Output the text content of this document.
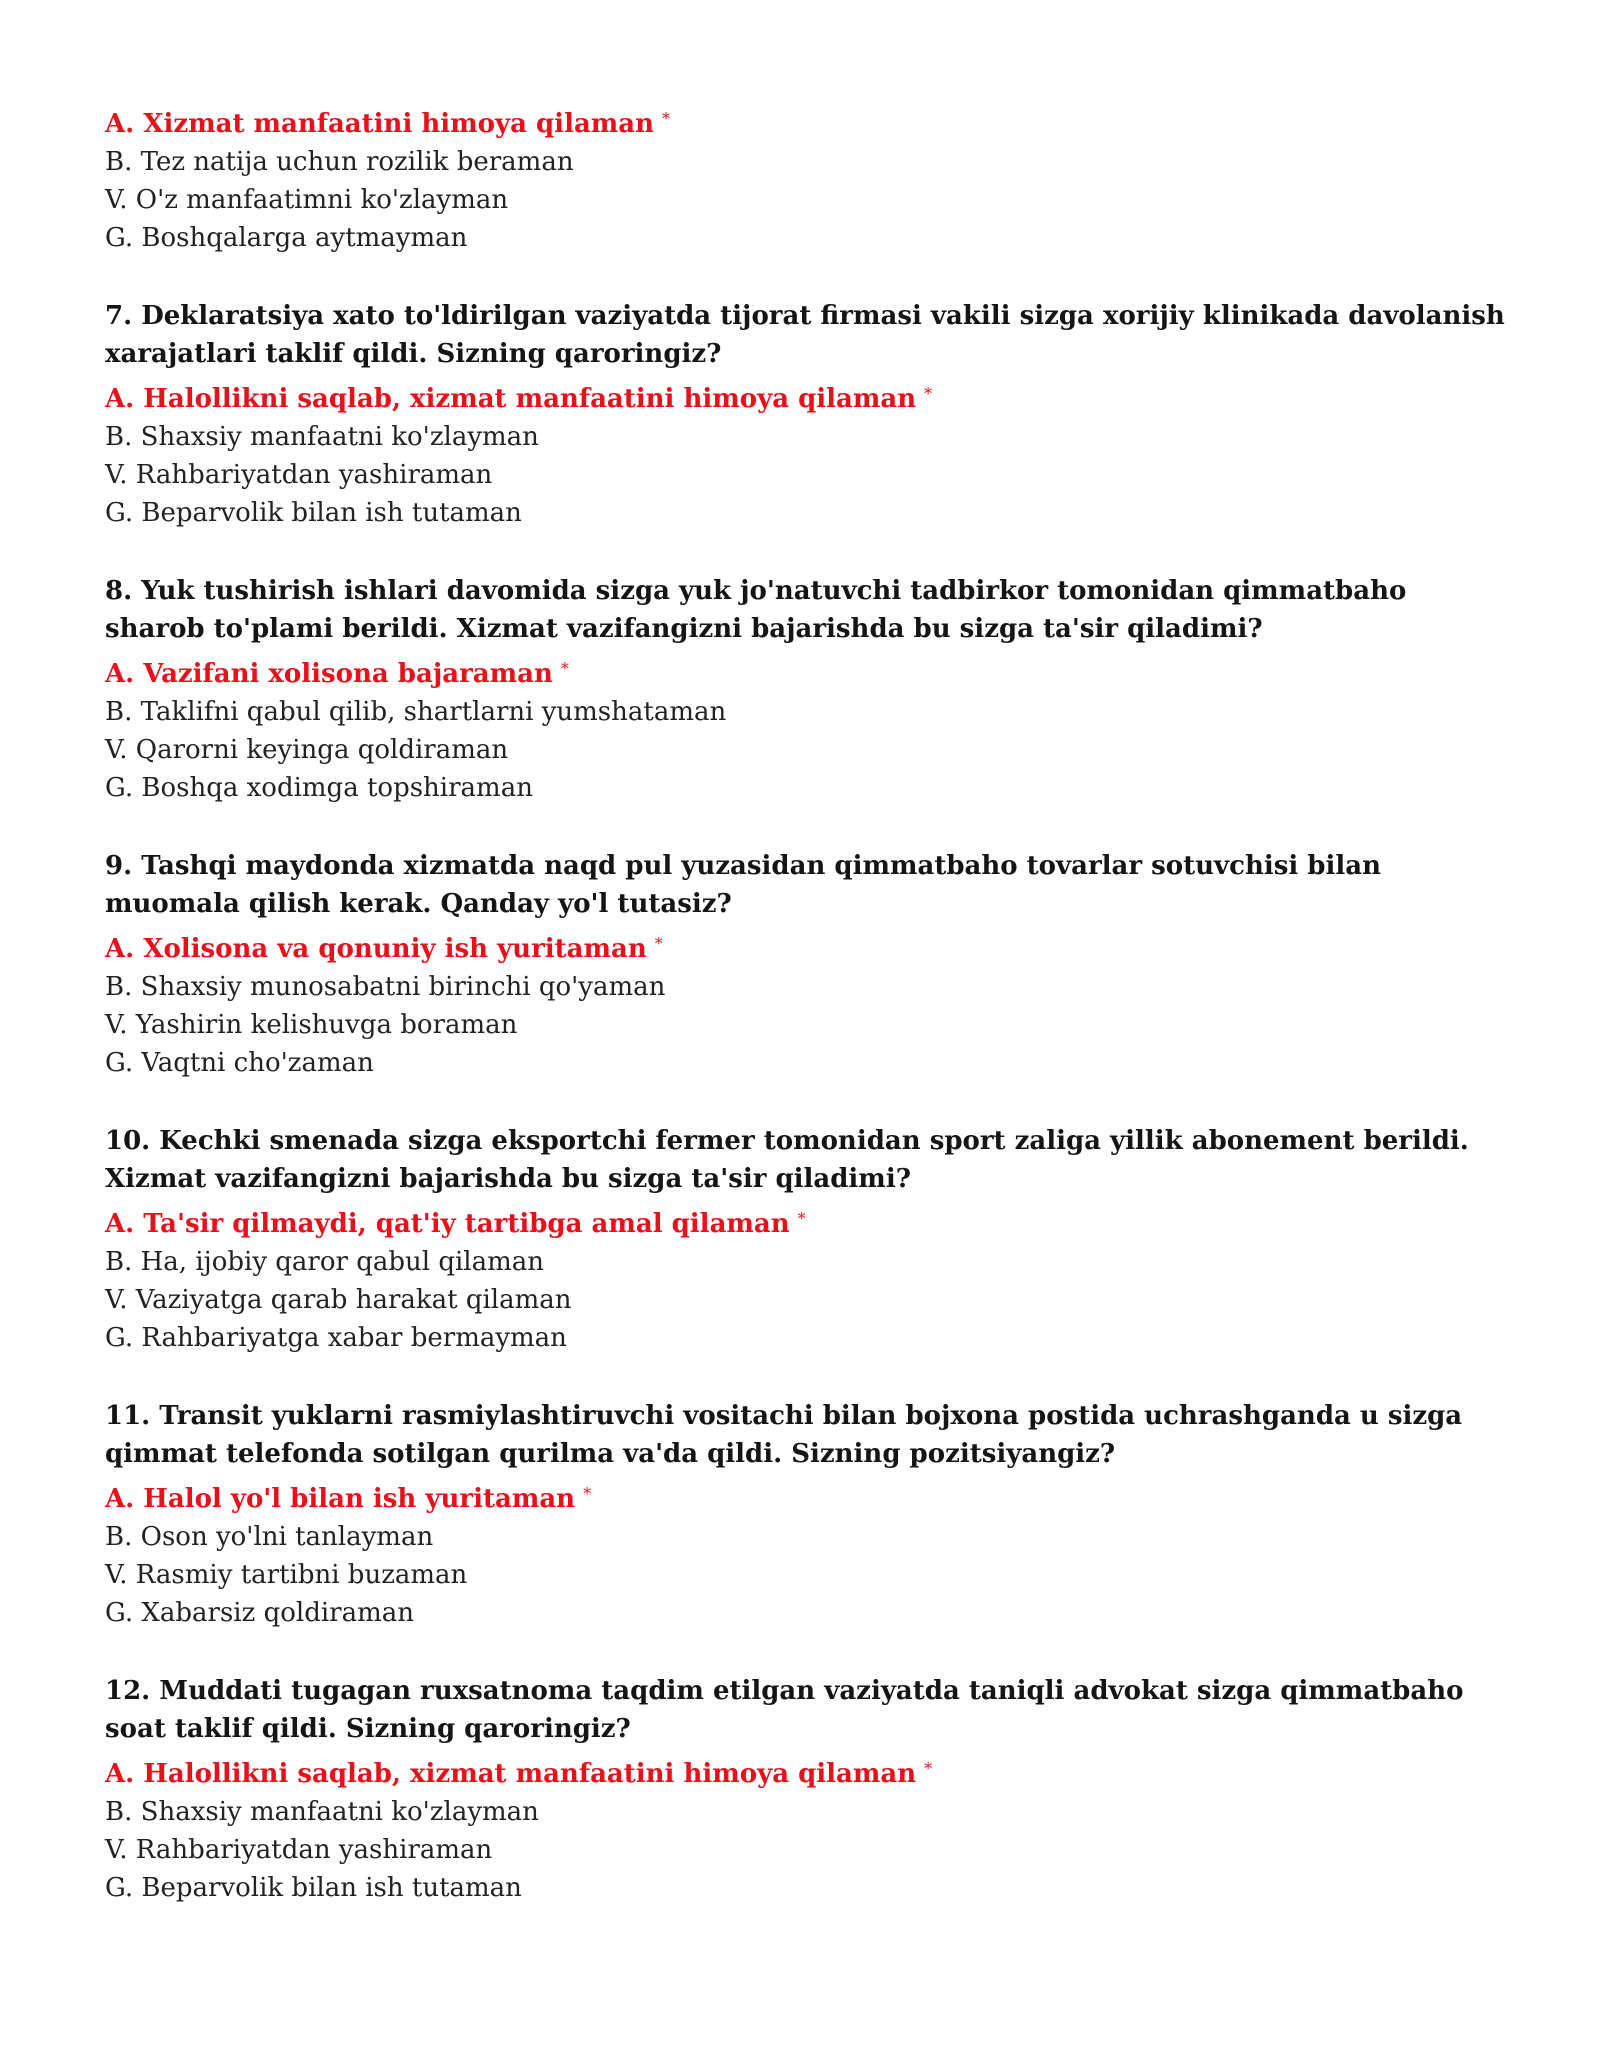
A. Xizmat manfaatini himoya qilaman *
B. Tez natija uchun rozilik beraman
V. O'z manfaatimni ko'zlayman
G. Boshqalarga aytmayman
7. Deklaratsiya xato to'ldirilgan vaziyatda tijorat firmasi vakili sizga xorijiy klinikada davolanish xarajatlari taklif qildi. Sizning qaroringiz?
A. Halollikni saqlab, xizmat manfaatini himoya qilaman *
B. Shaxsiy manfaatni ko'zlayman
V. Rahbariyatdan yashiraman
G. Beparvolik bilan ish tutaman
8. Yuk tushirish ishlari davomida sizga yuk jo'natuvchi tadbirkor tomonidan qimmatbaho sharob to'plami berildi. Xizmat vazifangizni bajarishda bu sizga ta'sir qiladimi?
A. Vazifani xolisona bajaraman *
B. Taklifni qabul qilib, shartlarni yumshataman
V. Qarorni keyinga qoldiraman
G. Boshqa xodimga topshiraman
9. Tashqi maydonda xizmatda naqd pul yuzasidan qimmatbaho tovarlar sotuvchisi bilan muomala qilish kerak. Qanday yo'l tutasiz?
A. Xolisona va qonuniy ish yuritaman *
B. Shaxsiy munosabatni birinchi qo'yaman
V. Yashirin kelishuvga boraman
G. Vaqtni cho'zaman
10. Kechki smenada sizga eksportchi fermer tomonidan sport zaliga yillik abonement berildi. Xizmat vazifangizni bajarishda bu sizga ta'sir qiladimi?
A. Ta'sir qilmaydi, qat'iy tartibga amal qilaman *
B. Ha, ijobiy qaror qabul qilaman
V. Vaziyatga qarab harakat qilaman
G. Rahbariyatga xabar bermayman
11. Transit yuklarni rasmiylashtiruvchi vositachi bilan bojxona postida uchrashganda u sizga qimmat telefonda sotilgan qurilma va'da qildi. Sizning pozitsiyangiz?
A. Halol yo'l bilan ish yuritaman *
B. Oson yo'lni tanlayman
V. Rasmiy tartibni buzaman
G. Xabarsiz qoldiraman
12. Muddati tugagan ruxsatnoma taqdim etilgan vaziyatda taniqli advokat sizga qimmatbaho soat taklif qildi. Sizning qaroringiz?
A. Halollikni saqlab, xizmat manfaatini himoya qilaman *
B. Shaxsiy manfaatni ko'zlayman
V. Rahbariyatdan yashiraman
G. Beparvolik bilan ish tutaman
